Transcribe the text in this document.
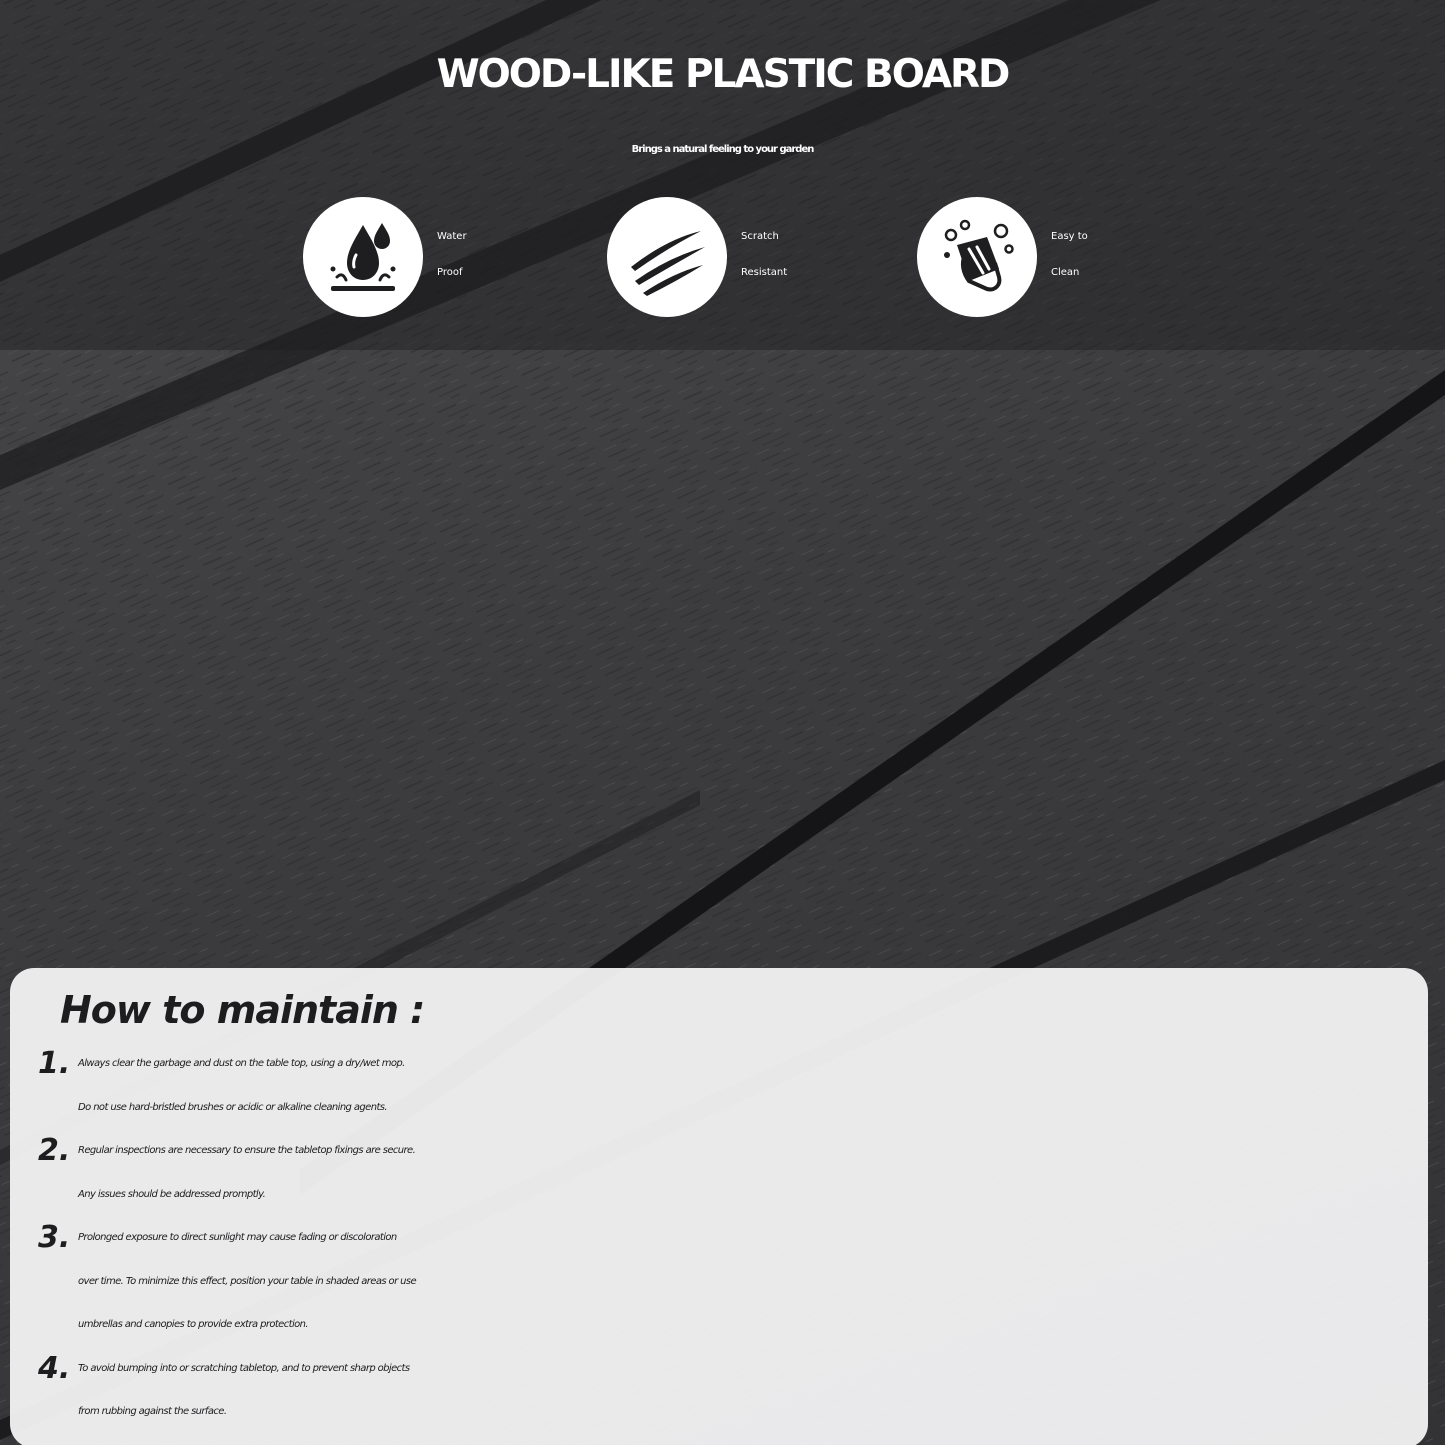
WOOD-LIKE PLASTIC BOARD
Brings a natural feeling to your garden
Water
Proof
Scratch
Resistant
Easy to
Clean
How to maintain :
1. Always clear the garbage and dust on the table top, using a dry/wet mop.
Do not use hard-bristled brushes or acidic or alkaline cleaning agents.
2. Regular inspections are necessary to ensure the tabletop fixings are secure.
Any issues should be addressed promptly.
3. Prolonged exposure to direct sunlight may cause fading or discoloration
over time. To minimize this effect, position your table in shaded areas or use
umbrellas and canopies to provide extra protection.
4. To avoid bumping into or scratching tabletop, and to prevent sharp objects
from rubbing against the surface.
